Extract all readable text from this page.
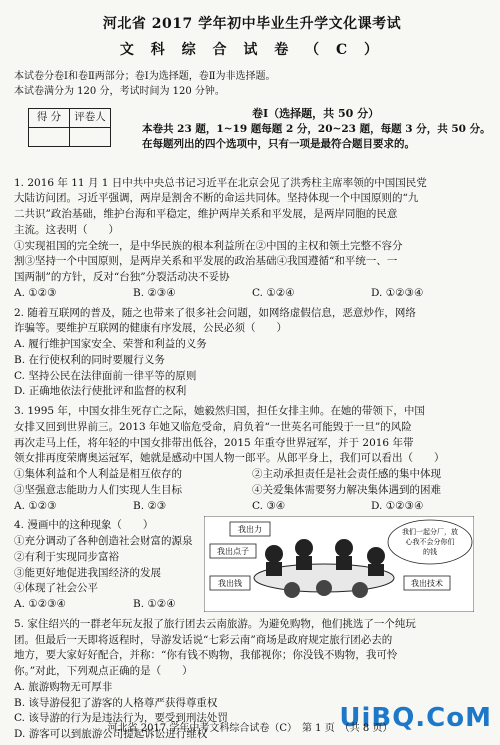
河北省 2017 学年初中毕业生升学文化课考试
文 科 综 合 试 卷 （ C ）
本试卷分卷Ⅰ和卷Ⅱ两部分；卷Ⅰ为选择题，卷Ⅱ为非选择题。
本试卷满分为 120 分，考试时间为 120 分钟。
得 分	评卷人
		卷Ⅰ（选择题，共 50 分）
本卷共 23 题，1~19 题每题 2 分，20~23 题，每题 3 分，共 50 分。
在每题列出的四个选项中，只有一项是最符合题目要求的。
1. 2016 年 11 月 1 日中共中央总书记习近平在北京会见了洪秀柱主席率领的中国国民党
大陆访问团。习近平强调，两岸是割舍不断的命运共同体。坚持体现一个中国原则的“九
二共识”政治基础，维护台海和平稳定，维护两岸关系和平发展，是两岸同胞的民意
主流。这表明（　　）
①实现祖国的完全统一，是中华民族的根本利益所在②中国的主权和领土完整不容分
割③坚持一个中国原则，是两岸关系和平发展的政治基础④我国遵循“和平统一、一
国两制”的方针，反对“台独”分裂活动决不妥协
A. ①②③	B. ②③④	C. ①②④	D. ①②③④
2. 随着互联网的普及，随之也带来了很多社会问题，如网络虚假信息，恶意炒作，网络
诈骗等。要维护互联网的健康有序发展，公民必须（　　）
A. 履行维护国家安全、荣誉和利益的义务
B. 在行使权利的同时要履行义务
C. 坚持公民在法律面前一律平等的原则
D. 正确地依法行使批评和监督的权利
3. 1995 年，中国女排生死存亡之际，她毅然归国，担任女排主帅。在她的带领下，中国
女排又回到世界前三。2013 年她又临危受命，肩负着“一世英名可能毁于一旦”的风险
再次走马上任，将年轻的中国女排带出低谷，2015 年重夺世界冠军，并于 2016 年带
领女排再度荣膺奥运冠军，她就是感动中国人物一郎平。从郎平身上，我们可以看出（　　）
①集体利益和个人利益是相互依存的	②主动承担责任是社会责任感的集中体现
③坚强意志能助力人们实现人生目标	④关爱集体需要努力解决集体遇到的困难
A. ①②③	B. ②③	C. ③④	D. ①②③④
4. 漫画中的这种现象（　　）
①充分调动了各种创造社会财富的源泉
②有利于实现同步富裕
③能更好地促进我国经济的发展
④体现了社会公平
A. ①②③④	B. ①②④
我出力
我出点子
我出钱	我出技术
我们一起分厂，放
心我不会分你们
的钱
5. 家住绍兴的一群老年玩友报了旅行团去云南旅游。为避免购物，他们挑选了一个纯玩
团。但最后一天即将返程时，导游发话说“七彩云南”商场是政府规定旅行团必去的
地方，要大家好好配合，并称：“你有钱不购物，我郁视你；你没钱不购物，我可怜
你。”对此，下列观点正确的是（　　）
A. 旅游购物无可厚非
B. 该导游侵犯了游客的人格尊严获得尊重权
C. 该导游的行为是违法行为，要受到刑法处罚
D. 游客可以到旅游公司提起诉讼进行维权
UiBQ.CoM
河北省 2017 学年中考文科综合试卷（C）　第 1 页　（共 8 页）
